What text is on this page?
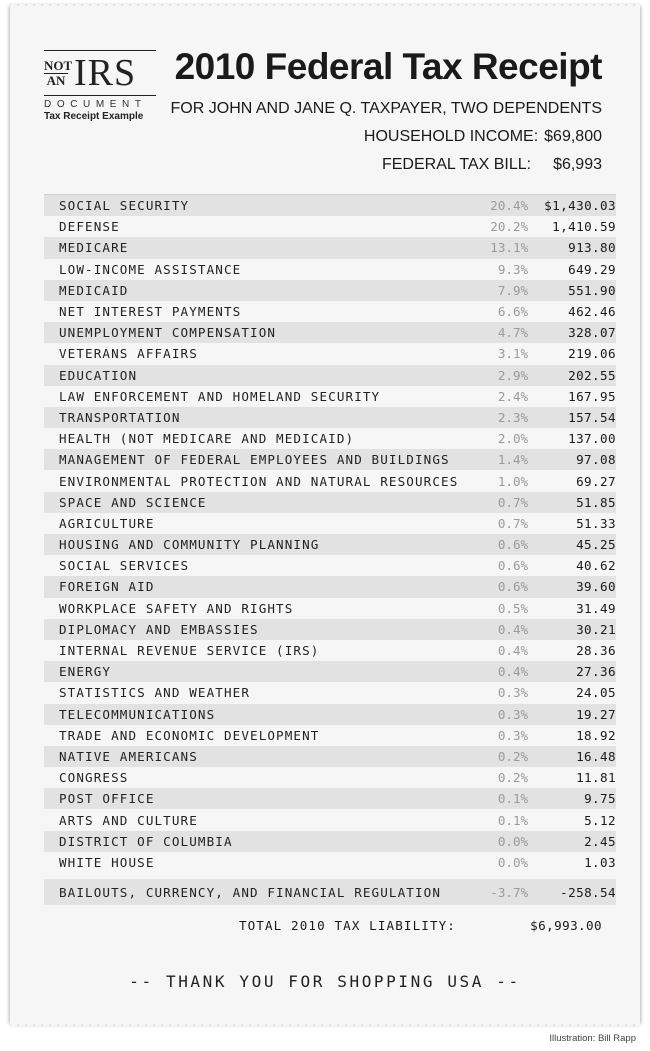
NOT
AN IRS
DOCUMENT
Tax Receipt Example
2010 Federal Tax Receipt
FOR JOHN AND JANE Q. TAXPAYER, TWO DEPENDENTS
HOUSEHOLD INCOME: $69,800
FEDERAL TAX BILL: $6,993
SOCIAL SECURITY	20.4%	$1,430.03
DEFENSE	20.2%	1,410.59
MEDICARE	13.1%	913.80
LOW-INCOME ASSISTANCE	9.3%	649.29
MEDICAID	7.9%	551.90
NET INTEREST PAYMENTS	6.6%	462.46
UNEMPLOYMENT COMPENSATION	4.7%	328.07
VETERANS AFFAIRS	3.1%	219.06
EDUCATION	2.9%	202.55
LAW ENFORCEMENT AND HOMELAND SECURITY	2.4%	167.95
TRANSPORTATION	2.3%	157.54
HEALTH (NOT MEDICARE AND MEDICAID)	2.0%	137.00
MANAGEMENT OF FEDERAL EMPLOYEES AND BUILDINGS	1.4%	97.08
ENVIRONMENTAL PROTECTION AND NATURAL RESOURCES	1.0%	69.27
SPACE AND SCIENCE	0.7%	51.85
AGRICULTURE	0.7%	51.33
HOUSING AND COMMUNITY PLANNING	0.6%	45.25
SOCIAL SERVICES	0.6%	40.62
FOREIGN AID	0.6%	39.60
WORKPLACE SAFETY AND RIGHTS	0.5%	31.49
DIPLOMACY AND EMBASSIES	0.4%	30.21
INTERNAL REVENUE SERVICE (IRS)	0.4%	28.36
ENERGY	0.4%	27.36
STATISTICS AND WEATHER	0.3%	24.05
TELECOMMUNICATIONS	0.3%	19.27
TRADE AND ECONOMIC DEVELOPMENT	0.3%	18.92
NATIVE AMERICANS	0.2%	16.48
CONGRESS	0.2%	11.81
POST OFFICE	0.1%	9.75
ARTS AND CULTURE	0.1%	5.12
DISTRICT OF COLUMBIA	0.0%	2.45
WHITE HOUSE	0.0%	1.03
BAILOUTS, CURRENCY, AND FINANCIAL REGULATION	-3.7%	-258.54
TOTAL 2010 TAX LIABILITY:	$6,993.00
-- THANK YOU FOR SHOPPING USA --
Illustration: Bill Rapp
